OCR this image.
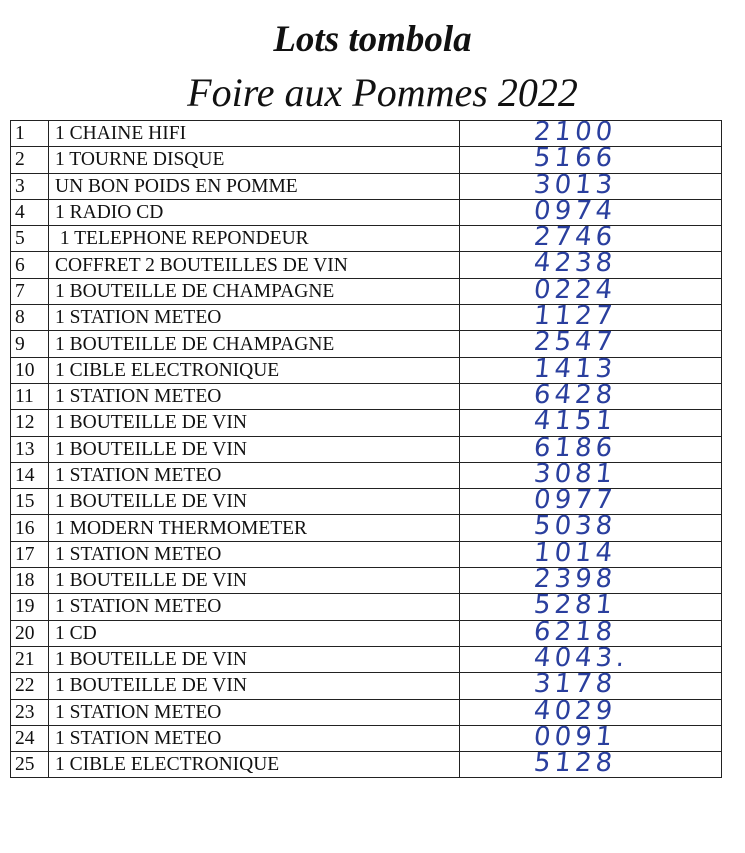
Lots tombola
Foire aux Pommes 2022
1	1 CHAINE HIFI	2100

2	1 TOURNE DISQUE	5166

3	UN BON POIDS EN POMME	3013

4	1 RADIO CD	0974

5	1 TELEPHONE REPONDEUR	2746

6	COFFRET 2 BOUTEILLES DE VIN	4238

7	1 BOUTEILLE DE CHAMPAGNE	0224

8	1 STATION METEO	1127

9	1 BOUTEILLE DE CHAMPAGNE	2547

10	1 CIBLE ELECTRONIQUE	1413

11	1 STATION METEO	6428

12	1 BOUTEILLE DE VIN	4151

13	1 BOUTEILLE DE VIN	6186

14	1 STATION METEO	3081

15	1 BOUTEILLE DE VIN	0977

16	1 MODERN THERMOMETER	5038

17	1 STATION METEO	1014

18	1 BOUTEILLE DE VIN	2398

19	1 STATION METEO	5281

20	1 CD	6218

21	1 BOUTEILLE DE VIN	4043.

22	1 BOUTEILLE DE VIN	3178

23	1 STATION METEO	4029

24	1 STATION METEO	0091

25	1 CIBLE ELECTRONIQUE	5128
